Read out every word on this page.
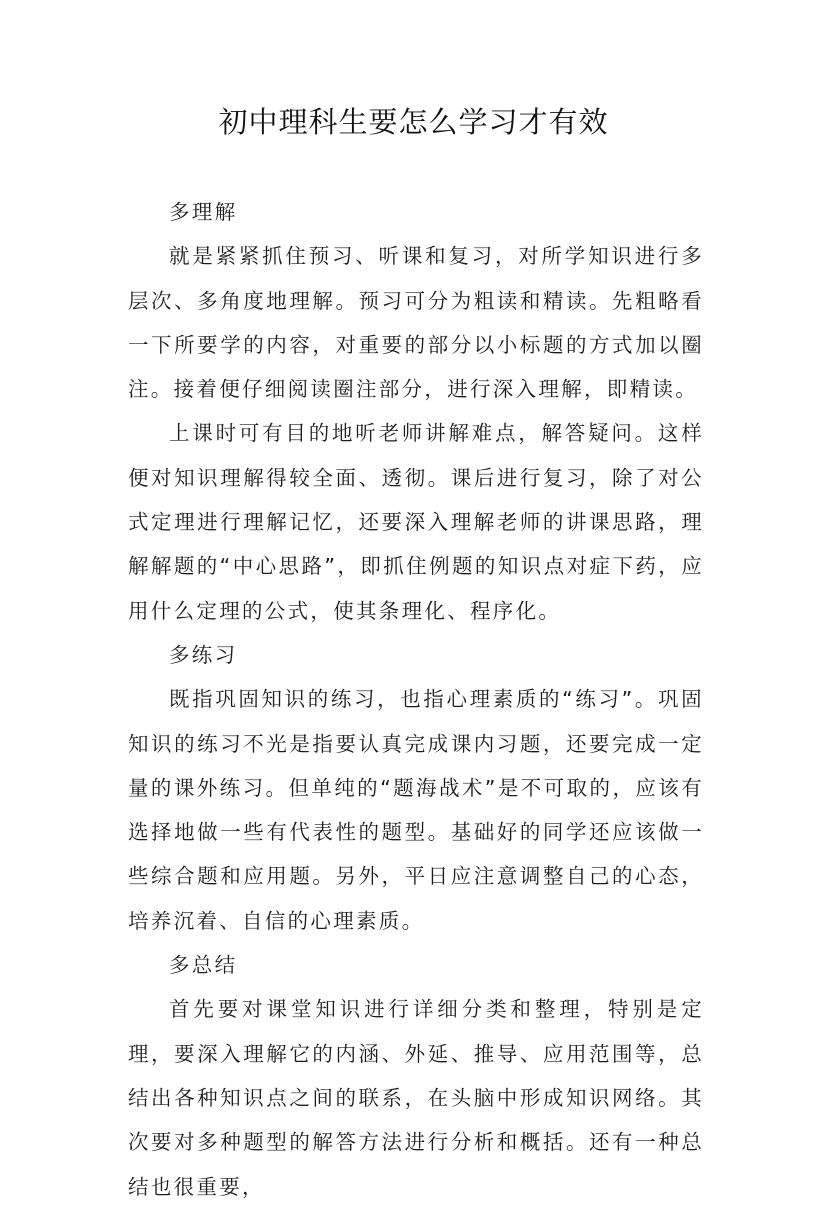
初中理科生要怎么学习才有效

多理解

就是紧紧抓住预习、听课和复习，对所学知识进行多层次、多角度地理解。预习可分为粗读和精读。先粗略看一下所要学的内容，对重要的部分以小标题的方式加以圈注。接着便仔细阅读圈注部分，进行深入理解，即精读。

上课时可有目的地听老师讲解难点，解答疑问。这样便对知识理解得较全面、透彻。课后进行复习，除了对公式定理进行理解记忆，还要深入理解老师的讲课思路，理解解题的“中心思路”，即抓住例题的知识点对症下药，应用什么定理的公式，使其条理化、程序化。

多练习

既指巩固知识的练习，也指心理素质的“练习”。巩固知识的练习不光是指要认真完成课内习题，还要完成一定量的课外练习。但单纯的“题海战术”是不可取的，应该有选择地做一些有代表性的题型。基础好的同学还应该做一些综合题和应用题。另外，平日应注意调整自己的心态，培养沉着、自信的心理素质。

多总结

首先要对课堂知识进行详细分类和整理，特别是定理，要深入理解它的内涵、外延、推导、应用范围等，总结出各种知识点之间的联系，在头脑中形成知识网络。其次要对多种题型的解答方法进行分析和概括。还有一种总结也很重要，
